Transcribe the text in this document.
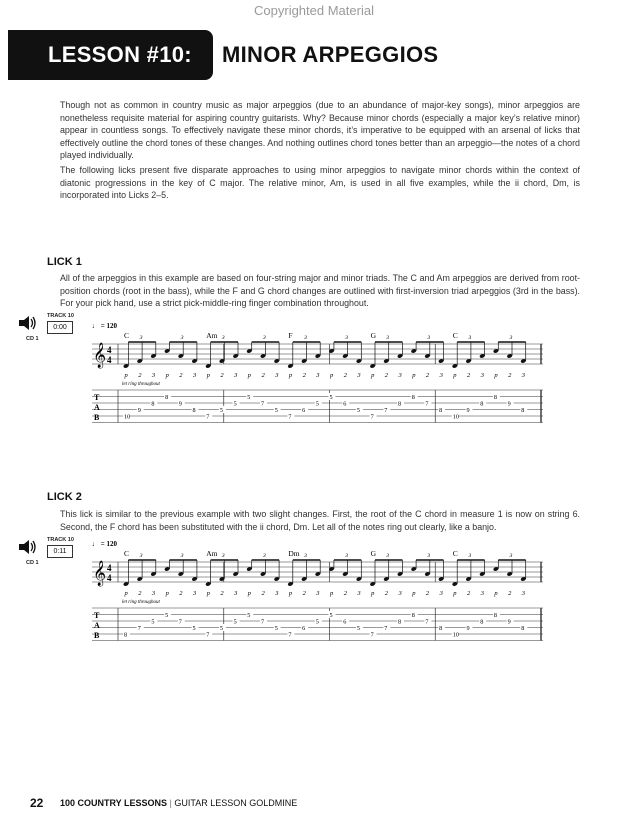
Copyrighted Material
LESSON #10: MINOR ARPEGGIOS

Though not as common in country music as major arpeggios (due to an abundance of major-key songs), minor arpeggios are nonetheless requisite material for aspiring country guitarists. Why? Because minor chords (especially a major key’s relative minor) appear in countless songs. To effectively navigate these minor chords, it’s imperative to be equipped with an arsenal of licks that effectively outline the chord tones of these changes. And nothing outlines chord tones better than an arpeggio—the notes of a chord played individually.

The following licks present five disparate approaches to using minor arpeggios to navigate minor chords within the context of diatonic progressions in the key of C major. The relative minor, Am, is used in all five examples, while the ii chord, Dm, is incorporated into Licks 2–5.

LICK 1

All of the arpeggios in this example are based on four-string major and minor triads. The C and Am arpeggios are derived from root-position chords (root in the bass), while the F and G chord changes are outlined with first-inversion triad arpeggios (3rd in the bass). For your pick hand, use a strict pick-middle-ring finger combination throughout.

TRACK 10
0:00
CD 1
♩ = 120
𝄞 4
4
T
A
B
C	Am	F	G	C
3
p
10
2
9
3
8
3
p
8
2
9
3
8
3
p
7
2
5
3
5
3
p
5
2
7
3
5
3
p
7
2
6
3
5
3
p
5
2
6
3
5
3
p
7
2
7
3
8
3
p
8
2
7
3
8
3
p
10
2
9
3
8
3
p
8
2
9
3
8
let ring throughout
LICK 2

This lick is similar to the previous example with two slight changes. First, the root of the C chord in measure 1 is now on string 6. Second, the F chord has been substituted with the ii chord, Dm. Let all of the notes ring out clearly, like a banjo.

TRACK 10
0:11
CD 1
♩ = 120
𝄞 4
4
T
A
B
C	Am	Dm	G	C
3
p
8
2
7
3
5
3
p
5
2
7
3
5
3
p
7
2
5
3
5
3
p
5
2
7
3
5
3
p
7
2
6
3
5
3
p
5
2
6
3
5
3
p
7
2
7
3
8
3
p
8
2
7
3
8
3
p
10
2
9
3
8
3
p
8
2
9
3
8
let ring throughout
22 100 COUNTRY LESSONS | GUITAR LESSON GOLDMINE
